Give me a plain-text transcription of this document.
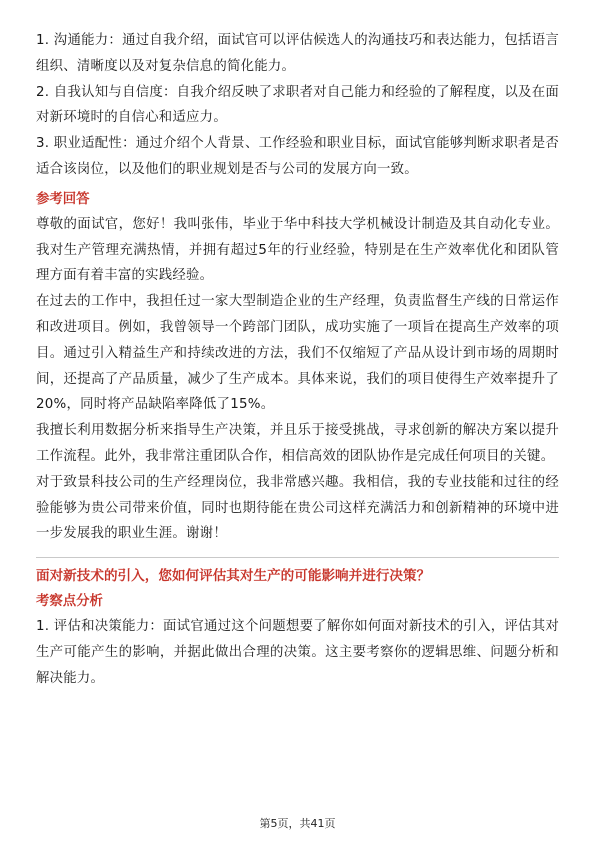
1. 沟通能力：通过自我介绍，面试官可以评估候选人的沟通技巧和表达能力，包括语言组织、清晰度以及对复杂信息的简化能力。

2. 自我认知与自信度：自我介绍反映了求职者对自己能力和经验的了解程度，以及在面对新环境时的自信心和适应力。

3. 职业适配性：通过介绍个人背景、工作经验和职业目标，面试官能够判断求职者是否适合该岗位，以及他们的职业规划是否与公司的发展方向一致。

参考回答

尊敬的面试官，您好！我叫张伟，毕业于华中科技大学机械设计制造及其自动化专业。我对生产管理充满热情，并拥有超过5年的行业经验，特别是在生产效率优化和团队管理方面有着丰富的实践经验。

在过去的工作中，我担任过一家大型制造企业的生产经理，负责监督生产线的日常运作和改进项目。例如，我曾领导一个跨部门团队，成功实施了一项旨在提高生产效率的项目。通过引入精益生产和持续改进的方法，我们不仅缩短了产品从设计到市场的周期时间，还提高了产品质量，减少了生产成本。具体来说，我们的项目使得生产效率提升了20%，同时将产品缺陷率降低了15%。

我擅长利用数据分析来指导生产决策，并且乐于接受挑战，寻求创新的解决方案以提升工作流程。此外，我非常注重团队合作，相信高效的团队协作是完成任何项目的关键。

对于致景科技公司的生产经理岗位，我非常感兴趣。我相信，我的专业技能和过往的经验能够为贵公司带来价值，同时也期待能在贵公司这样充满活力和创新精神的环境中进一步发展我的职业生涯。谢谢！

面对新技术的引入，您如何评估其对生产的可能影响并进行决策？
考察点分析

1. 评估和决策能力：面试官通过这个问题想要了解你如何面对新技术的引入，评估其对生产可能产生的影响，并据此做出合理的决策。这主要考察你的逻辑思维、问题分析和解决能力。

第5页，共41页
